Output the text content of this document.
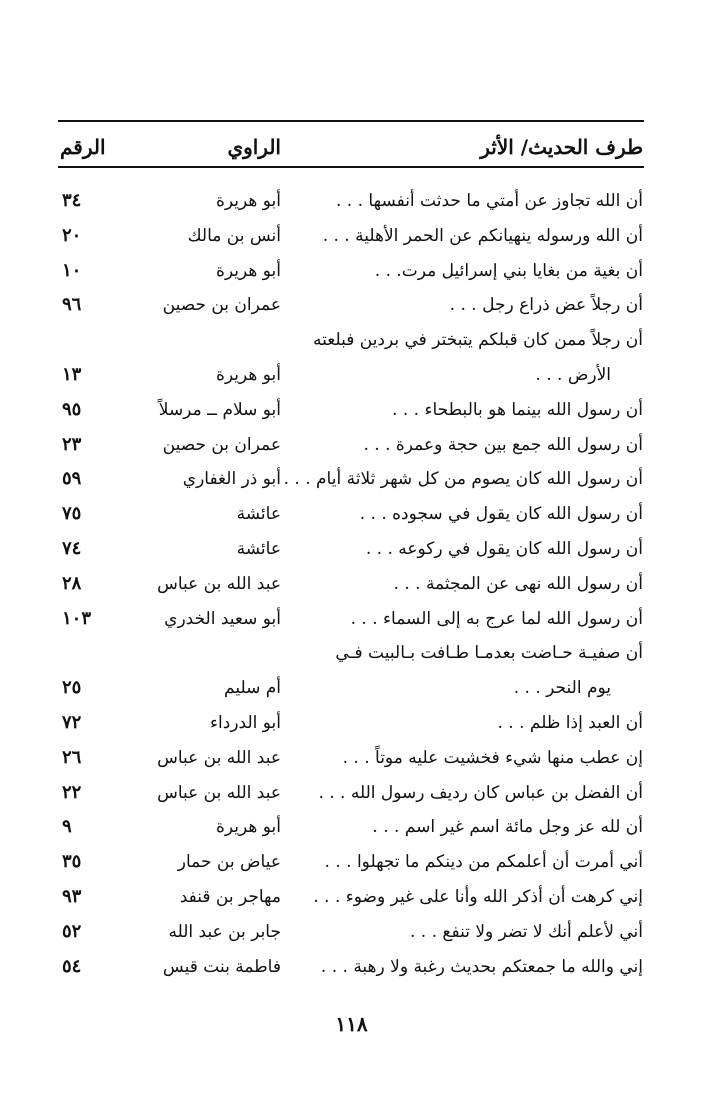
طرف الحديث/ الأثر
الراوي
الرقم
أن الله تجاوز عن أمتي ما حدثت أنفسها . . .
أبو هريرة
٣٤
أن الله ورسوله ينهيانكم عن الحمر الأهلية . . .
أنس بن مالك
٢٠
أن بغية من بغايا بني إسرائيل مرت. . .
أبو هريرة
١٠
أن رجلاً عض ذراع رجل . . .
عمران بن حصين
٩٦
أن رجلاً ممن كان قبلكم يتبختر في بردين فبلعته
الأرض . . .
أبو هريرة
١٣
أن رسول الله بينما هو بالبطحاء . . .
أبو سلام ــ مرسلاً
٩٥
أن رسول الله جمع بين حجة وعمرة . . .
عمران بن حصين
٢٣
أن رسول الله كان يصوم من كل شهر ثلاثة أيام . . .
أبو ذر الغفاري
٥٩
أن رسول الله كان يقول في سجوده . . .
عائشة
٧٥
أن رسول الله كان يقول في ركوعه . . .
عائشة
٧٤
أن رسول الله نهى عن المجثمة . . .
عبد الله بن عباس
٢٨
أن رسول الله لما عرج به إلى السماء . . .
أبو سعيد الخدري
١٠٣
أن صفيـة حـاضت بعدمـا طـافت بـالبيت فـي
يوم النحر . . .
أم سليم
٢٥
أن العبد إذا ظلم . . .
أبو الدرداء
٧٢
إن عطب منها شيء فخشيت عليه موتاً . . .
عبد الله بن عباس
٢٦
أن الفضل بن عباس كان رديف رسول الله . . .
عبد الله بن عباس
٢٢
أن لله عز وجل مائة اسم غير اسم . . .
أبو هريرة
٩
أني أمرت أن أعلمكم من دينكم ما تجهلوا . . .
عياض بن حمار
٣٥
إني كرهت أن أذكر الله وأنا على غير وضوء . . .
مهاجر بن قنفد
٩٣
أني لأعلم أنك لا تضر ولا تنفع . . .
جابر بن عبد الله
٥٢
إني والله ما جمعتكم بحديث رغبة ولا رهبة . . .
فاطمة بنت قيس
٥٤
١١٨
